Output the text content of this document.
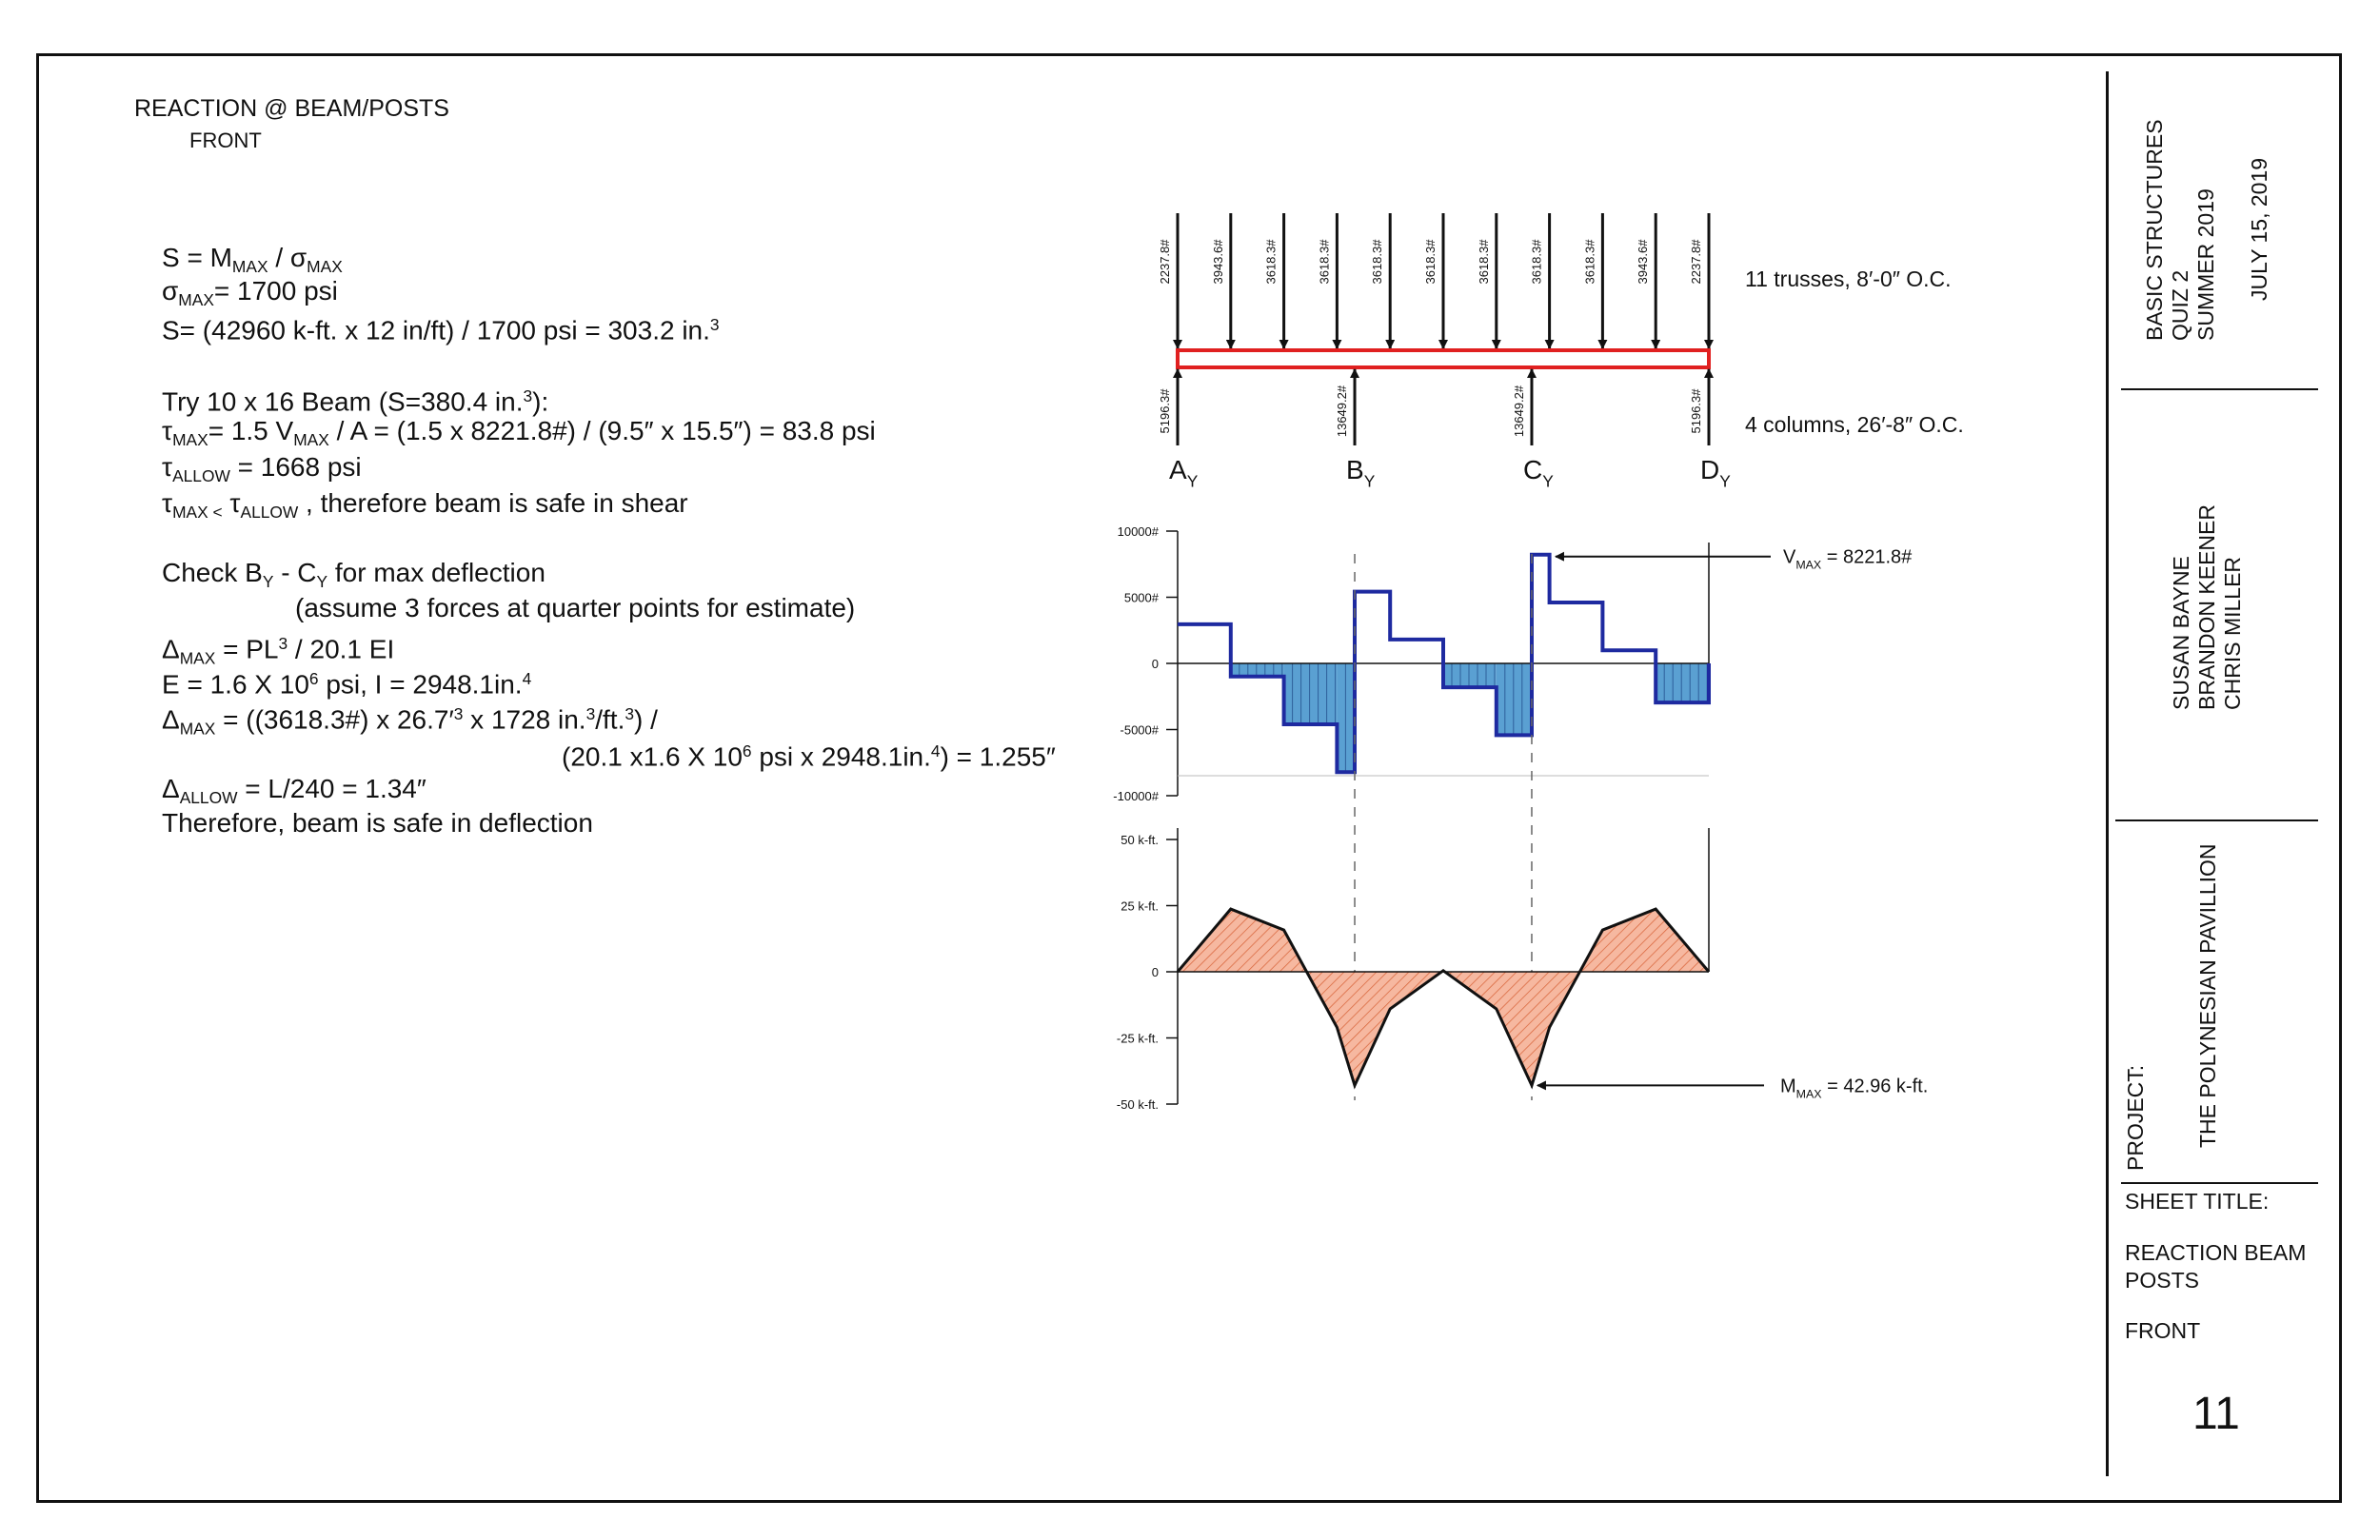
REACTION @ BEAM/POSTS
FRONT
$S = M_{MAX} / \sigma_{MAX}$
$\sigma_{MAX}= 1700$ psi
S= (42960 k-ft. x 12 in/ft) / 1700 psi = 303.2 in.$^3$
Try 10 x 16 Beam (S=380.4 in.$^3$):
$\tau_{MAX}= 1.5$ $V_{MAX} / A = (1.5$ x 8221.8#) / (9.5″ x 15.5″) = 83.8 psi
$\tau_{ALLOW} = 1668$ psi
$\tau_{MAX <}$ $\tau_{ALLOW}$ , therefore beam is safe in shear
Check $B_Y - C_Y$ for max deflection
(assume 3 forces at quarter points for estimate)
$\Delta_{MAX} = PL^3 / 20.1$ EI
E = 1.6 X $10^6$ psi, I = 2948.1in.$^4$
$\Delta_{MAX}$ = ((3618.3#) x $26.7'^3$ x 1728 in.$^3$/ft.$^3$) /
(20.1 x1.6 X $10^6$ psi x 2948.1in.$^4$) = 1.255″
$\Delta_{ALLOW} = L/240 = 1.34''$
Therefore, beam is safe in deflection
2237.8#	3943.6#	3618.3#	3618.3#	3618.3#	3618.3#	3618.3#	3618.3#	3618.3#	3943.6#	2237.8# 11 trusses, 8′-0″ O.C.
5196.3#
$A_Y$
13649.2#
$B_Y$
13649.2#
$C_Y$
5196.3#
$D_Y$
4 columns, 26′-8″ O.C.
10000#
5000#
0
-5000#
-10000#
$V_{MAX}$ = 8221.8#
50 k-ft.
25 k-ft.
0
-25 k-ft.
-50 k-ft.
$M_{MAX} = 42.96$ k-ft.
BASIC STRUCTURES QUIZ 2 SUMMER 2019 JULY 15, 2019
SUSAN BAYNE BRANDON KEENER CHRIS MILLER
PROJECT: THE POLYNESIAN PAVILLION
SHEET TITLE:
REACTION BEAM
POSTS
FRONT
11
